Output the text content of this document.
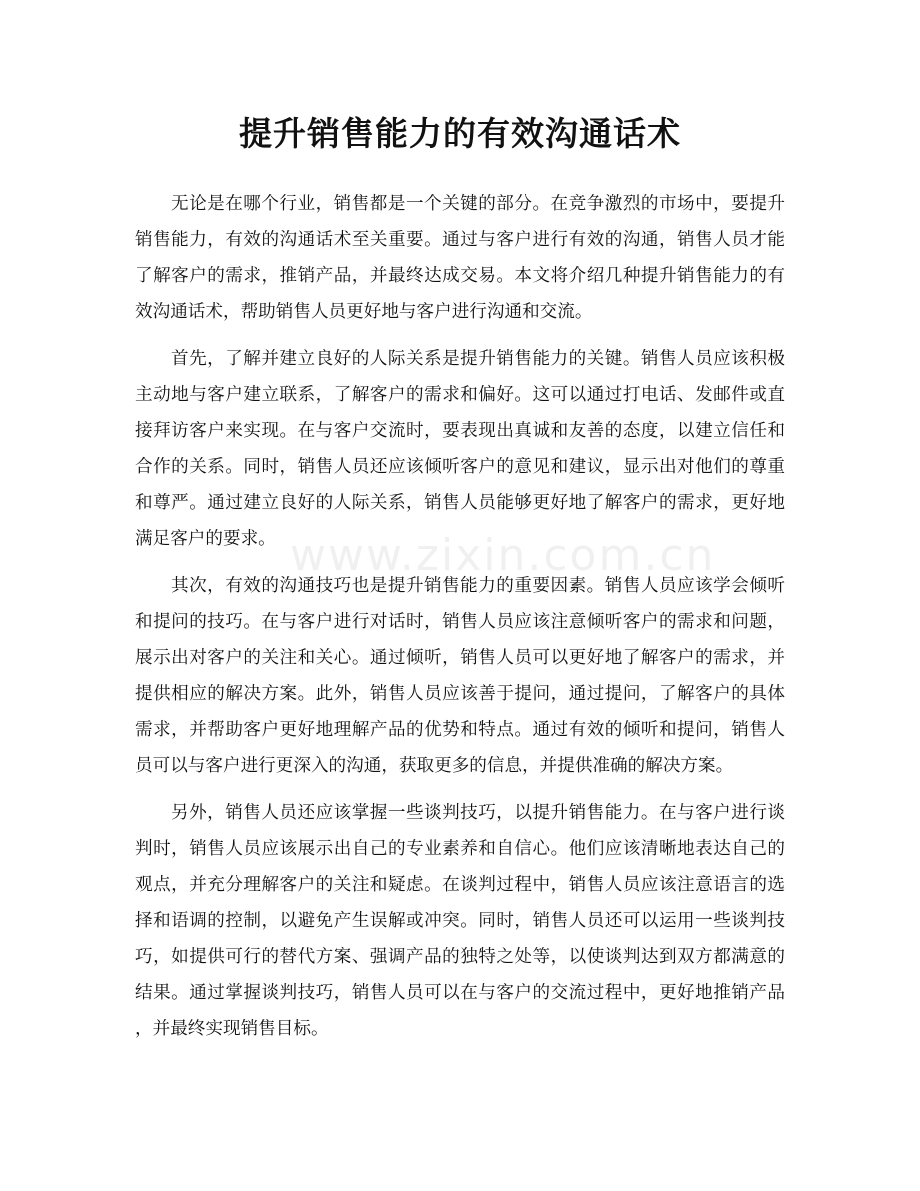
提升销售能力的有效沟通话术
www.zixin.com.cn
无论是在哪个行业，销售都是一个关键的部分。在竞争激烈的市场中，要提升
销售能力，有效的沟通话术至关重要。通过与客户进行有效的沟通，销售人员才能
了解客户的需求，推销产品，并最终达成交易。本文将介绍几种提升销售能力的有
效沟通话术，帮助销售人员更好地与客户进行沟通和交流。
首先，了解并建立良好的人际关系是提升销售能力的关键。销售人员应该积极
主动地与客户建立联系，了解客户的需求和偏好。这可以通过打电话、发邮件或直
接拜访客户来实现。在与客户交流时，要表现出真诚和友善的态度，以建立信任和
合作的关系。同时，销售人员还应该倾听客户的意见和建议，显示出对他们的尊重
和尊严。通过建立良好的人际关系，销售人员能够更好地了解客户的需求，更好地
满足客户的要求。
其次，有效的沟通技巧也是提升销售能力的重要因素。销售人员应该学会倾听
和提问的技巧。在与客户进行对话时，销售人员应该注意倾听客户的需求和问题，
展示出对客户的关注和关心。通过倾听，销售人员可以更好地了解客户的需求，并
提供相应的解决方案。此外，销售人员应该善于提问，通过提问，了解客户的具体
需求，并帮助客户更好地理解产品的优势和特点。通过有效的倾听和提问，销售人
员可以与客户进行更深入的沟通，获取更多的信息，并提供准确的解决方案。
另外，销售人员还应该掌握一些谈判技巧，以提升销售能力。在与客户进行谈
判时，销售人员应该展示出自己的专业素养和自信心。他们应该清晰地表达自己的
观点，并充分理解客户的关注和疑虑。在谈判过程中，销售人员应该注意语言的选
择和语调的控制，以避免产生误解或冲突。同时，销售人员还可以运用一些谈判技
巧，如提供可行的替代方案、强调产品的独特之处等，以使谈判达到双方都满意的
结果。通过掌握谈判技巧，销售人员可以在与客户的交流过程中，更好地推销产品
，并最终实现销售目标。
